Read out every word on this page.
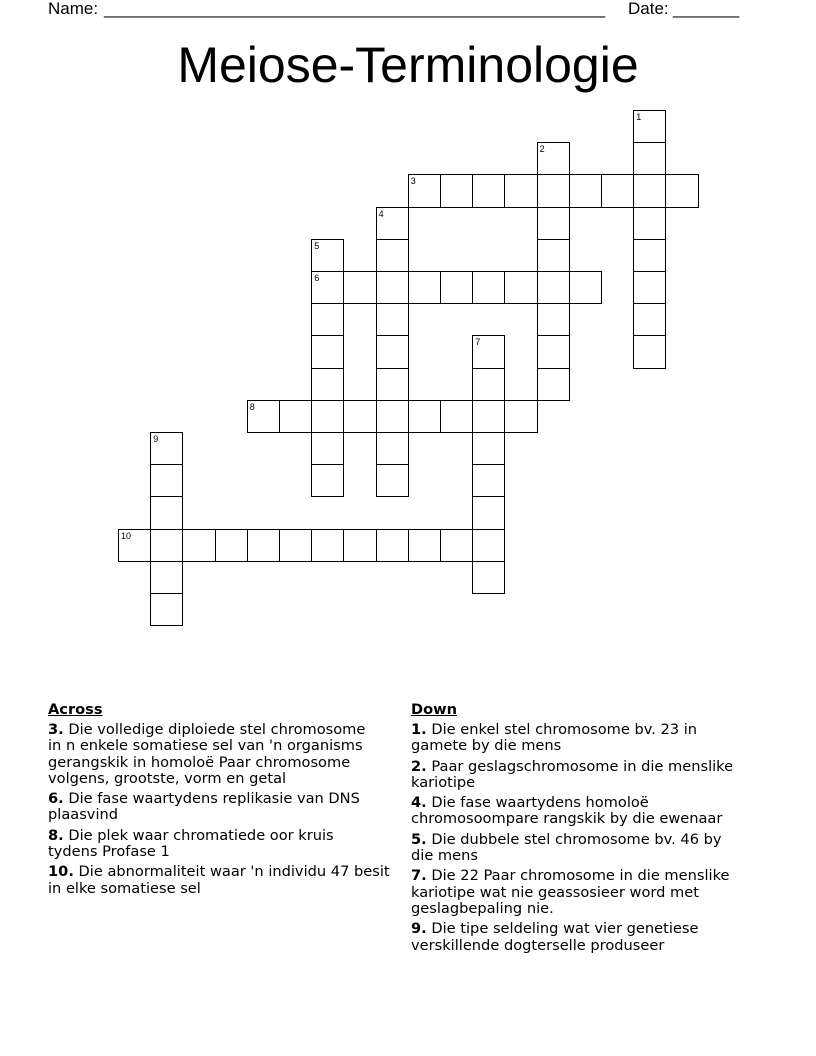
Name: _____________________________________________________ Date: _______
Meiose-Terminologie
1
2
3
4
5
6
7
8
9
10
Across
3 . Die volledige diploiede stel chromosome
in n enkele somatiese sel van 'n organisms
gerangskik in homoloë Paar chromosome
volgens, grootste, vorm en getal
6 . Die fase waartydens replikasie van DNS
plaasvind
8 . Die plek waar chromatiede oor kruis
tydens Profase 1
10 . Die abnormaliteit waar 'n individu 47 besit
in elke somatiese sel
Down
1 . Die enkel stel chromosome bv. 23 in
gamete by die mens
2 . Paar geslagschromosome in die menslike
kariotipe
4 . Die fase waartydens homoloë
chromosoompare rangskik by die ewenaar
5 . Die dubbele stel chromosome bv. 46 by
die mens
7 . Die 22 Paar chromosome in die menslike
kariotipe wat nie geassosieer word met
geslagbepaling nie.
9 . Die tipe seldeling wat vier genetiese
verskillende dogterselle produseer
